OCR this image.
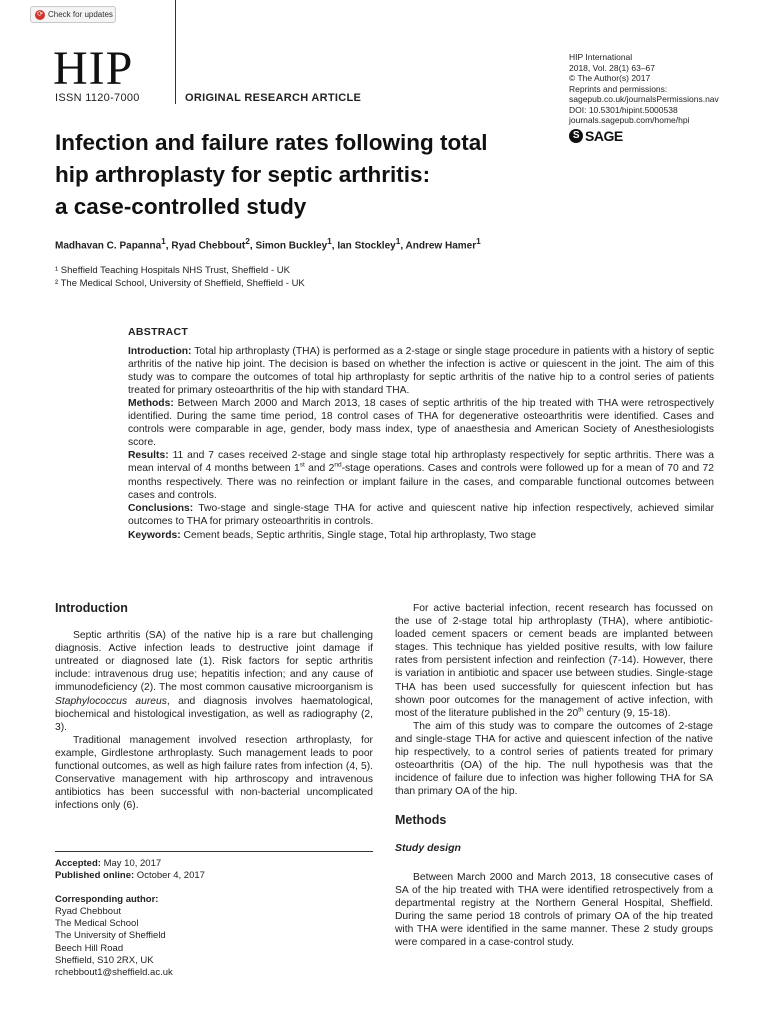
⟳ Check for updates
HIP
ISSN 1120-7000	ORIGINAL RESEARCH ARTICLE
HIP International
2018, Vol. 28(1) 63–67
© The Author(s) 2017
Reprints and permissions:
sagepub.co.uk/journalsPermissions.nav
DOI: 10.5301/hipint.5000538
journals.sagepub.com/home/hpi
S SAGE
Infection and failure rates following total
hip arthroplasty for septic arthritis:
a case-controlled study
Madhavan C. Papanna$^1$, Ryad Chebbout$^2$, Simon Buckley$^1$, Ian Stockley$^1$, Andrew Hamer$^1$
¹ Sheffield Teaching Hospitals NHS Trust, Sheffield - UK
² The Medical School, University of Sheffield, Sheffield - UK
ABSTRACT
Introduction: Total hip arthroplasty (THA) is performed as a 2-stage or single stage procedure in patients with a history of septic arthritis of the native hip joint. The decision is based on whether the infection is active or quiescent in the joint. The aim of this study was to compare the outcomes of total hip arthroplasty for septic arthritis of the native hip to a control series of patients treated for primary osteoarthritis of the hip with standard THA.
Methods: Between March 2000 and March 2013, 18 cases of septic arthritis of the hip treated with THA were retrospectively identified. During the same time period, 18 control cases of THA for degenerative osteoarthritis were identified. Cases and controls were comparable in age, gender, body mass index, type of anaesthesia and American Society of Anesthesiologists score.
Results: 11 and 7 cases received 2-stage and single stage total hip arthroplasty respectively for septic arthritis. There was a mean interval of 4 months between 1st and 2nd-stage operations. Cases and controls were followed up for a mean of 70 and 72 months respectively. There was no reinfection or implant failure in the cases, and comparable functional outcomes between cases and controls.
Conclusions: Two-stage and single-stage THA for active and quiescent native hip infection respectively, achieved similar outcomes to THA for primary osteoarthritis in controls.
Keywords: Cement beads, Septic arthritis, Single stage, Total hip arthroplasty, Two stage
Introduction

Septic arthritis (SA) of the native hip is a rare but challenging diagnosis. Active infection leads to destructive joint damage if untreated or diagnosed late (1). Risk factors for septic arthritis include: intravenous drug use; hepatitis infection; and any cause of immunodeficiency (2). The most common causative microorganism is Staphylococcus aureus, and diagnosis involves haematological, biochemical and histological investigation, as well as radiography (2, 3).

Traditional management involved resection arthroplasty, for example, Girdlestone arthroplasty. Such management leads to poor functional outcomes, as well as high failure rates from infection (4, 5). Conservative management with hip arthroscopy and intravenous antibiotics has been successful with non-bacterial uncomplicated infections only (6).

For active bacterial infection, recent research has focussed on the use of 2-stage total hip arthroplasty (THA), where antibiotic-loaded cement spacers or cement beads are implanted between stages. This technique has yielded positive results, with low failure rates from persistent infection and reinfection (7-14). However, there is variation in antibiotic and spacer use between studies. Single-stage THA has been used successfully for quiescent infection but has shown poor outcomes for the management of active infection, with most of the literature published in the 20th century (9, 15-18).

The aim of this study was to compare the outcomes of 2-stage and single-stage THA for active and quiescent infection of the native hip respectively, to a control series of patients treated for primary osteoarthritis (OA) of the hip. The null hypothesis was that the incidence of failure due to infection was higher following THA for SA than primary OA of the hip.

Methods
Study design

Between March 2000 and March 2013, 18 consecutive cases of SA of the hip treated with THA were identified retrospectively from a departmental registry at the Northern General Hospital, Sheffield. During the same period 18 controls of primary OA of the hip treated with THA were identified in the same manner. These 2 study groups were compared in a case-control study.

Accepted: May 10, 2017
Published online: October 4, 2017
Corresponding author:
Ryad Chebbout
The Medical School
The University of Sheffield
Beech Hill Road
Sheffield, S10 2RX, UK
rchebbout1@sheffield.ac.uk
